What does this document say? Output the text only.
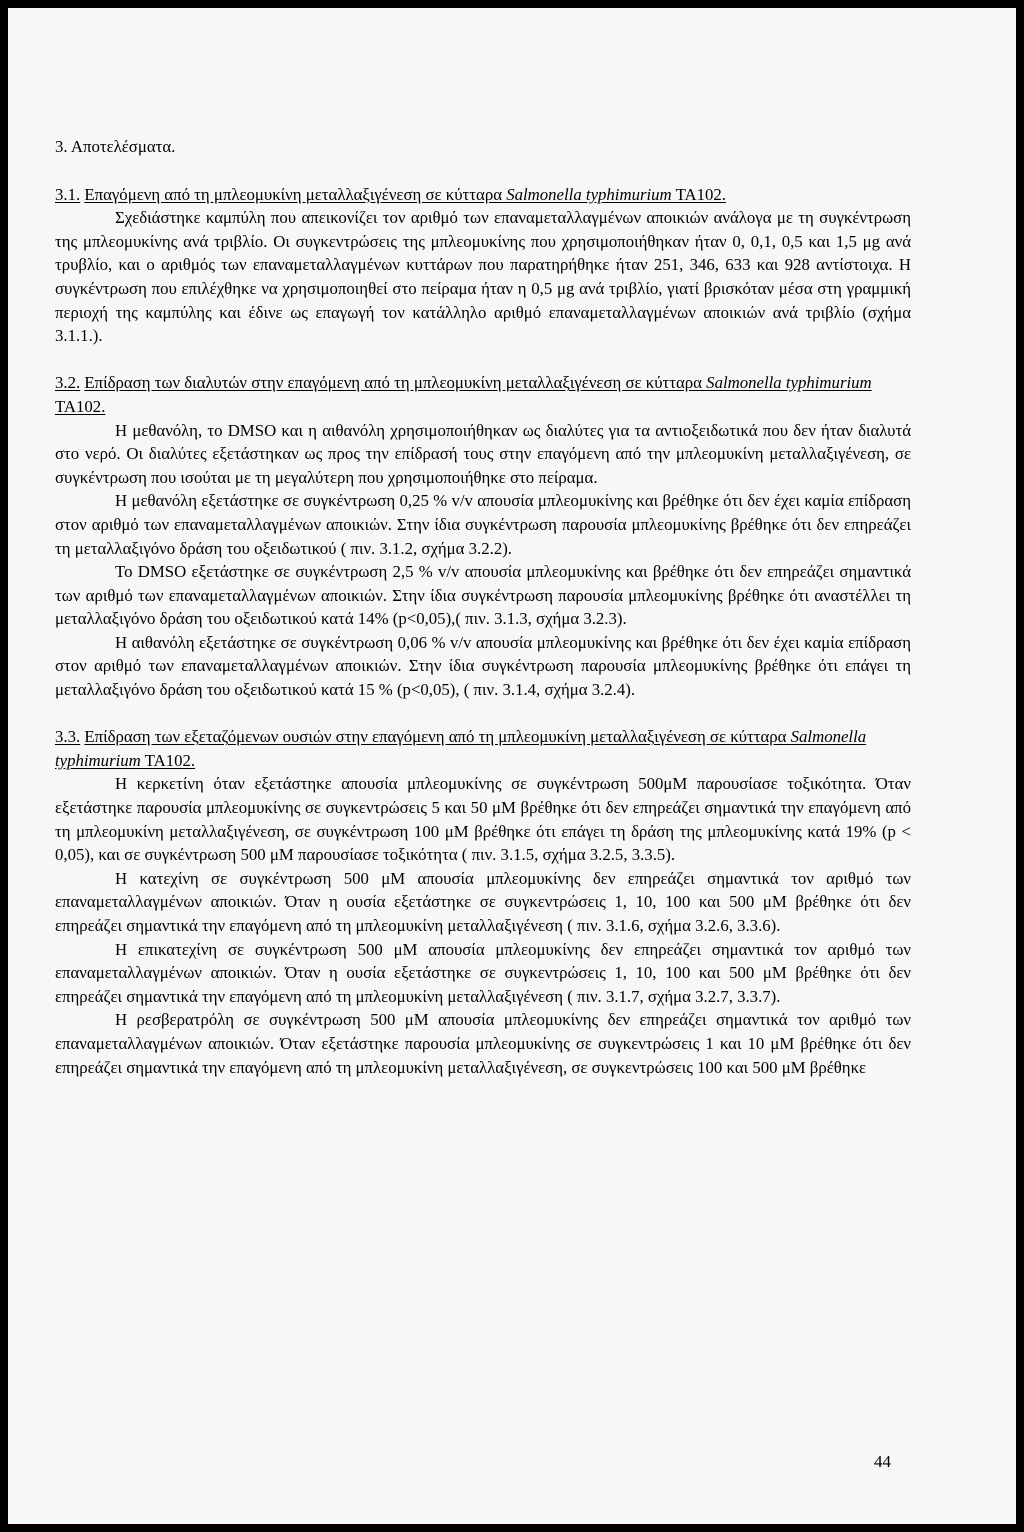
3. Αποτελέσματα.

3.1. Επαγόμενη από τη μπλεομυκίνη μεταλλαξιγένεση σε κύτταρα Salmonella typhimurium TA102.

Σχεδιάστηκε καμπύλη που απεικονίζει τον αριθμό των επαναμεταλλαγμένων αποικιών ανάλογα με τη συγκέντρωση της μπλεομυκίνης ανά τριβλίο. Οι συγκεντρώσεις της μπλεομυκίνης που χρησιμοποιήθηκαν ήταν 0, 0,1, 0,5 και 1,5 μg ανά τρυβλίο, και ο αριθμός των επαναμεταλλαγμένων κυττάρων που παρατηρήθηκε ήταν 251, 346, 633 και 928 αντίστοιχα. Η συγκέντρωση που επιλέχθηκε να χρησιμοποιηθεί στο πείραμα ήταν η 0,5 μg ανά τριβλίο, γιατί βρισκόταν μέσα στη γραμμική περιοχή της καμπύλης και έδινε ως επαγωγή τον κατάλληλο αριθμό επαναμεταλλαγμένων αποικιών ανά τριβλίο (σχήμα 3.1.1.).

3.2. Επίδραση των διαλυτών στην επαγόμενη από τη μπλεομυκίνη μεταλλαξιγένεση σε κύτταρα Salmonella typhimurium TA102.

Η μεθανόλη, το DMSO και η αιθανόλη χρησιμοποιήθηκαν ως διαλύτες για τα αντιοξειδωτικά που δεν ήταν διαλυτά στο νερό. Οι διαλύτες εξετάστηκαν ως προς την επίδρασή τους στην επαγόμενη από την μπλεομυκίνη μεταλλαξιγένεση, σε συγκέντρωση που ισούται με τη μεγαλύτερη που χρησιμοποιήθηκε στο πείραμα.

Η μεθανόλη εξετάστηκε σε συγκέντρωση 0,25 % v/v απουσία μπλεομυκίνης και βρέθηκε ότι δεν έχει καμία επίδραση στον αριθμό των επαναμεταλλαγμένων αποικιών. Στην ίδια συγκέντρωση παρουσία μπλεομυκίνης βρέθηκε ότι δεν επηρεάζει τη μεταλλαξιγόνο δράση του οξειδωτικού ( πιν. 3.1.2, σχήμα 3.2.2).

Το DMSO εξετάστηκε σε συγκέντρωση 2,5 % v/v απουσία μπλεομυκίνης και βρέθηκε ότι δεν επηρεάζει σημαντικά των αριθμό των επαναμεταλλαγμένων αποικιών. Στην ίδια συγκέντρωση παρουσία μπλεομυκίνης βρέθηκε ότι αναστέλλει τη μεταλλαξιγόνο δράση του οξειδωτικού κατά 14% (p<0,05),( πιν. 3.1.3, σχήμα 3.2.3).

Η αιθανόλη εξετάστηκε σε συγκέντρωση 0,06 % v/v απουσία μπλεομυκίνης και βρέθηκε ότι δεν έχει καμία επίδραση στον αριθμό των επαναμεταλλαγμένων αποικιών. Στην ίδια συγκέντρωση παρουσία μπλεομυκίνης βρέθηκε ότι επάγει τη μεταλλαξιγόνο δράση του οξειδωτικού κατά 15 % (p<0,05), ( πιν. 3.1.4, σχήμα 3.2.4).

3.3. Επίδραση των εξεταζόμενων ουσιών στην επαγόμενη από τη μπλεομυκίνη μεταλλαξιγένεση σε κύτταρα Salmonella typhimurium TA102.

Η κερκετίνη όταν εξετάστηκε απουσία μπλεομυκίνης σε συγκέντρωση 500μΜ παρουσίασε τοξικότητα. Όταν εξετάστηκε παρουσία μπλεομυκίνης σε συγκεντρώσεις 5 και 50 μΜ βρέθηκε ότι δεν επηρεάζει σημαντικά την επαγόμενη από τη μπλεομυκίνη μεταλλαξιγένεση, σε συγκέντρωση 100 μΜ βρέθηκε ότι επάγει τη δράση της μπλεομυκίνης κατά 19% (p < 0,05), και σε συγκέντρωση 500 μΜ παρουσίασε τοξικότητα ( πιν. 3.1.5, σχήμα 3.2.5, 3.3.5).

Η κατεχίνη σε συγκέντρωση 500 μΜ απουσία μπλεομυκίνης δεν επηρεάζει σημαντικά τον αριθμό των επαναμεταλλαγμένων αποικιών. Όταν η ουσία εξετάστηκε σε συγκεντρώσεις 1, 10, 100 και 500 μΜ βρέθηκε ότι δεν επηρεάζει σημαντικά την επαγόμενη από τη μπλεομυκίνη μεταλλαξιγένεση ( πιν. 3.1.6, σχήμα 3.2.6, 3.3.6).

Η επικατεχίνη σε συγκέντρωση 500 μΜ απουσία μπλεομυκίνης δεν επηρεάζει σημαντικά τον αριθμό των επαναμεταλλαγμένων αποικιών. Όταν η ουσία εξετάστηκε σε συγκεντρώσεις 1, 10, 100 και 500 μΜ βρέθηκε ότι δεν επηρεάζει σημαντικά την επαγόμενη από τη μπλεομυκίνη μεταλλαξιγένεση ( πιν. 3.1.7, σχήμα 3.2.7, 3.3.7).

Η ρεσβερατρόλη σε συγκέντρωση 500 μΜ απουσία μπλεομυκίνης δεν επηρεάζει σημαντικά τον αριθμό των επαναμεταλλαγμένων αποικιών. Όταν εξετάστηκε παρουσία μπλεομυκίνης σε συγκεντρώσεις 1 και 10 μΜ βρέθηκε ότι δεν επηρεάζει σημαντικά την επαγόμενη από τη μπλεομυκίνη μεταλλαξιγένεση, σε συγκεντρώσεις 100 και 500 μΜ βρέθηκε

44
